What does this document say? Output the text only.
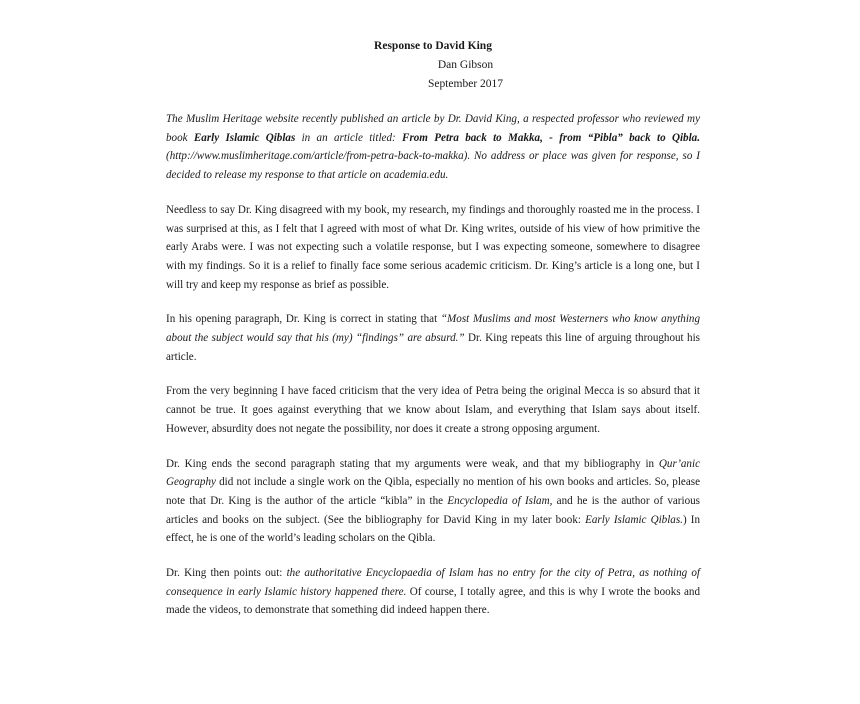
Response to David King
Dan Gibson
September 2017

The Muslim Heritage website recently published an article by Dr. David King, a respected professor who reviewed my book Early Islamic Qiblas in an article titled: From Petra back to Makka, - from “Pibla” back to Qibla. (http://www.muslimheritage.com/article/from-petra-back-to-makka). No address or place was given for response, so I decided to release my response to that article on academia.edu.

Needless to say Dr. King disagreed with my book, my research, my findings and thoroughly roasted me in the process. I was surprised at this, as I felt that I agreed with most of what Dr. King writes, outside of his view of how primitive the early Arabs were. I was not expecting such a volatile response, but I was expecting someone, somewhere to disagree with my findings. So it is a relief to finally face some serious academic criticism. Dr. King’s article is a long one, but I will try and keep my response as brief as possible.

In his opening paragraph, Dr. King is correct in stating that “Most Muslims and most Westerners who know anything about the subject would say that his (my) “findings” are absurd.” Dr. King repeats this line of arguing throughout his article.

From the very beginning I have faced criticism that the very idea of Petra being the original Mecca is so absurd that it cannot be true. It goes against everything that we know about Islam, and everything that Islam says about itself. However, absurdity does not negate the possibility, nor does it create a strong opposing argument.

Dr. King ends the second paragraph stating that my arguments were weak, and that my bibliography in Qur’anic Geography did not include a single work on the Qibla, especially no mention of his own books and articles. So, please note that Dr. King is the author of the article “kibla” in the Encyclopedia of Islam, and he is the author of various articles and books on the subject. (See the bibliography for David King in my later book: Early Islamic Qiblas.) In effect, he is one of the world’s leading scholars on the Qibla.

Dr. King then points out: the authoritative Encyclopaedia of Islam has no entry for the city of Petra, as nothing of consequence in early Islamic history happened there. Of course, I totally agree, and this is why I wrote the books and made the videos, to demonstrate that something did indeed happen there.
